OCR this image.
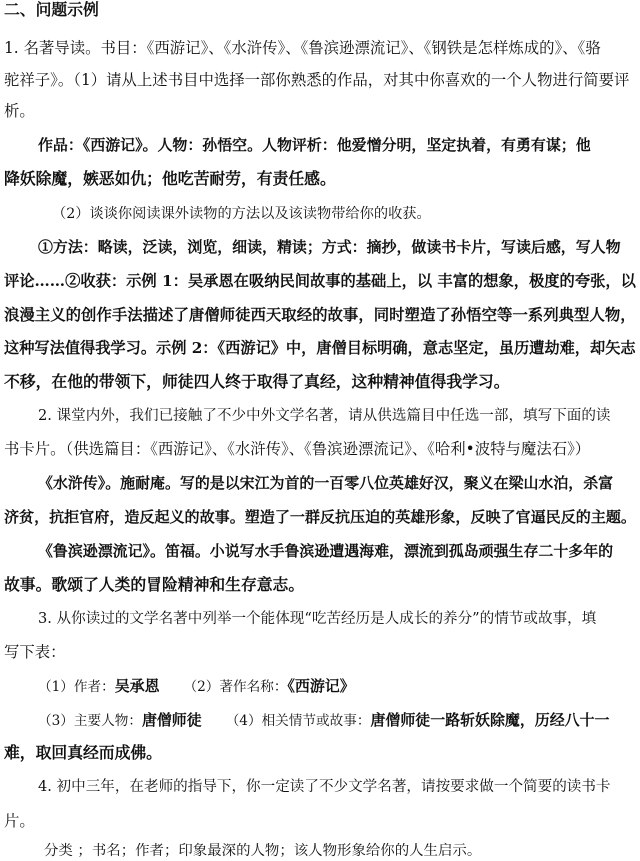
二、问题示例
1. 名著导读。书目：《西游记》、《水浒传》、《鲁滨逊漂流记》、《钢铁是怎样炼成的》、《骆
驼祥子》。（1）请从上述书目中选择一部你熟悉的作品，对其中你喜欢的一个人物进行简要评
析。
作品：《西游记》。人物：孙悟空。人物评析：他爱憎分明，坚定执着，有勇有谋；他
降妖除魔，嫉恶如仇；他吃苦耐劳，有责任感。
（2）谈谈你阅读课外读物的方法以及该读物带给你的收获。
①方法：略读，泛读，浏览，细读，精读；方式：摘抄，做读书卡片，写读后感，写人物
评论……②收获：示例 1：吴承恩在吸纳民间故事的基础上，以 丰富的想象，极度的夸张，以
浪漫主义的创作手法描述了唐僧师徒西天取经的故事，同时塑造了孙悟空等一系列典型人物，
这种写法值得我学习。示例 2：《西游记》中，唐僧目标明确，意志坚定，虽历遭劫难，却矢志
不移，在他的带领下，师徒四人终于取得了真经，这种精神值得我学习。
2. 课堂内外，我们已接触了不少中外文学名著，请从供选篇目中任选一部，填写下面的读
书卡片。（供选篇目：《西游记》、《水浒传》、《鲁滨逊漂流记》、《哈利•波特与魔法石》）
《水浒传》。施耐庵。写的是以宋江为首的一百零八位英雄好汉，聚义在梁山水泊，杀富
济贫，抗拒官府，造反起义的故事。塑造了一群反抗压迫的英雄形象，反映了官逼民反的主题。
《鲁滨逊漂流记》。笛福。小说写水手鲁滨逊遭遇海难，漂流到孤岛顽强生存二十多年的
故事。歌颂了人类的冒险精神和生存意志。
3. 从你读过的文学名著中列举一个能体现“吃苦经历是人成长的养分”的情节或故事，填
写下表：
（1）作者：吴承恩 （2）著作名称：《西游记》
（3）主要人物：唐僧师徒 （4）相关情节或故事：唐僧师徒一路斩妖除魔，历经八十一
难，取回真经而成佛。
4. 初中三年，在老师的指导下，你一定读了不少文学名著，请按要求做一个简要的读书卡
片。
分类 ；书名；作者；印象最深的人物；该人物形象给你的人生启示。
